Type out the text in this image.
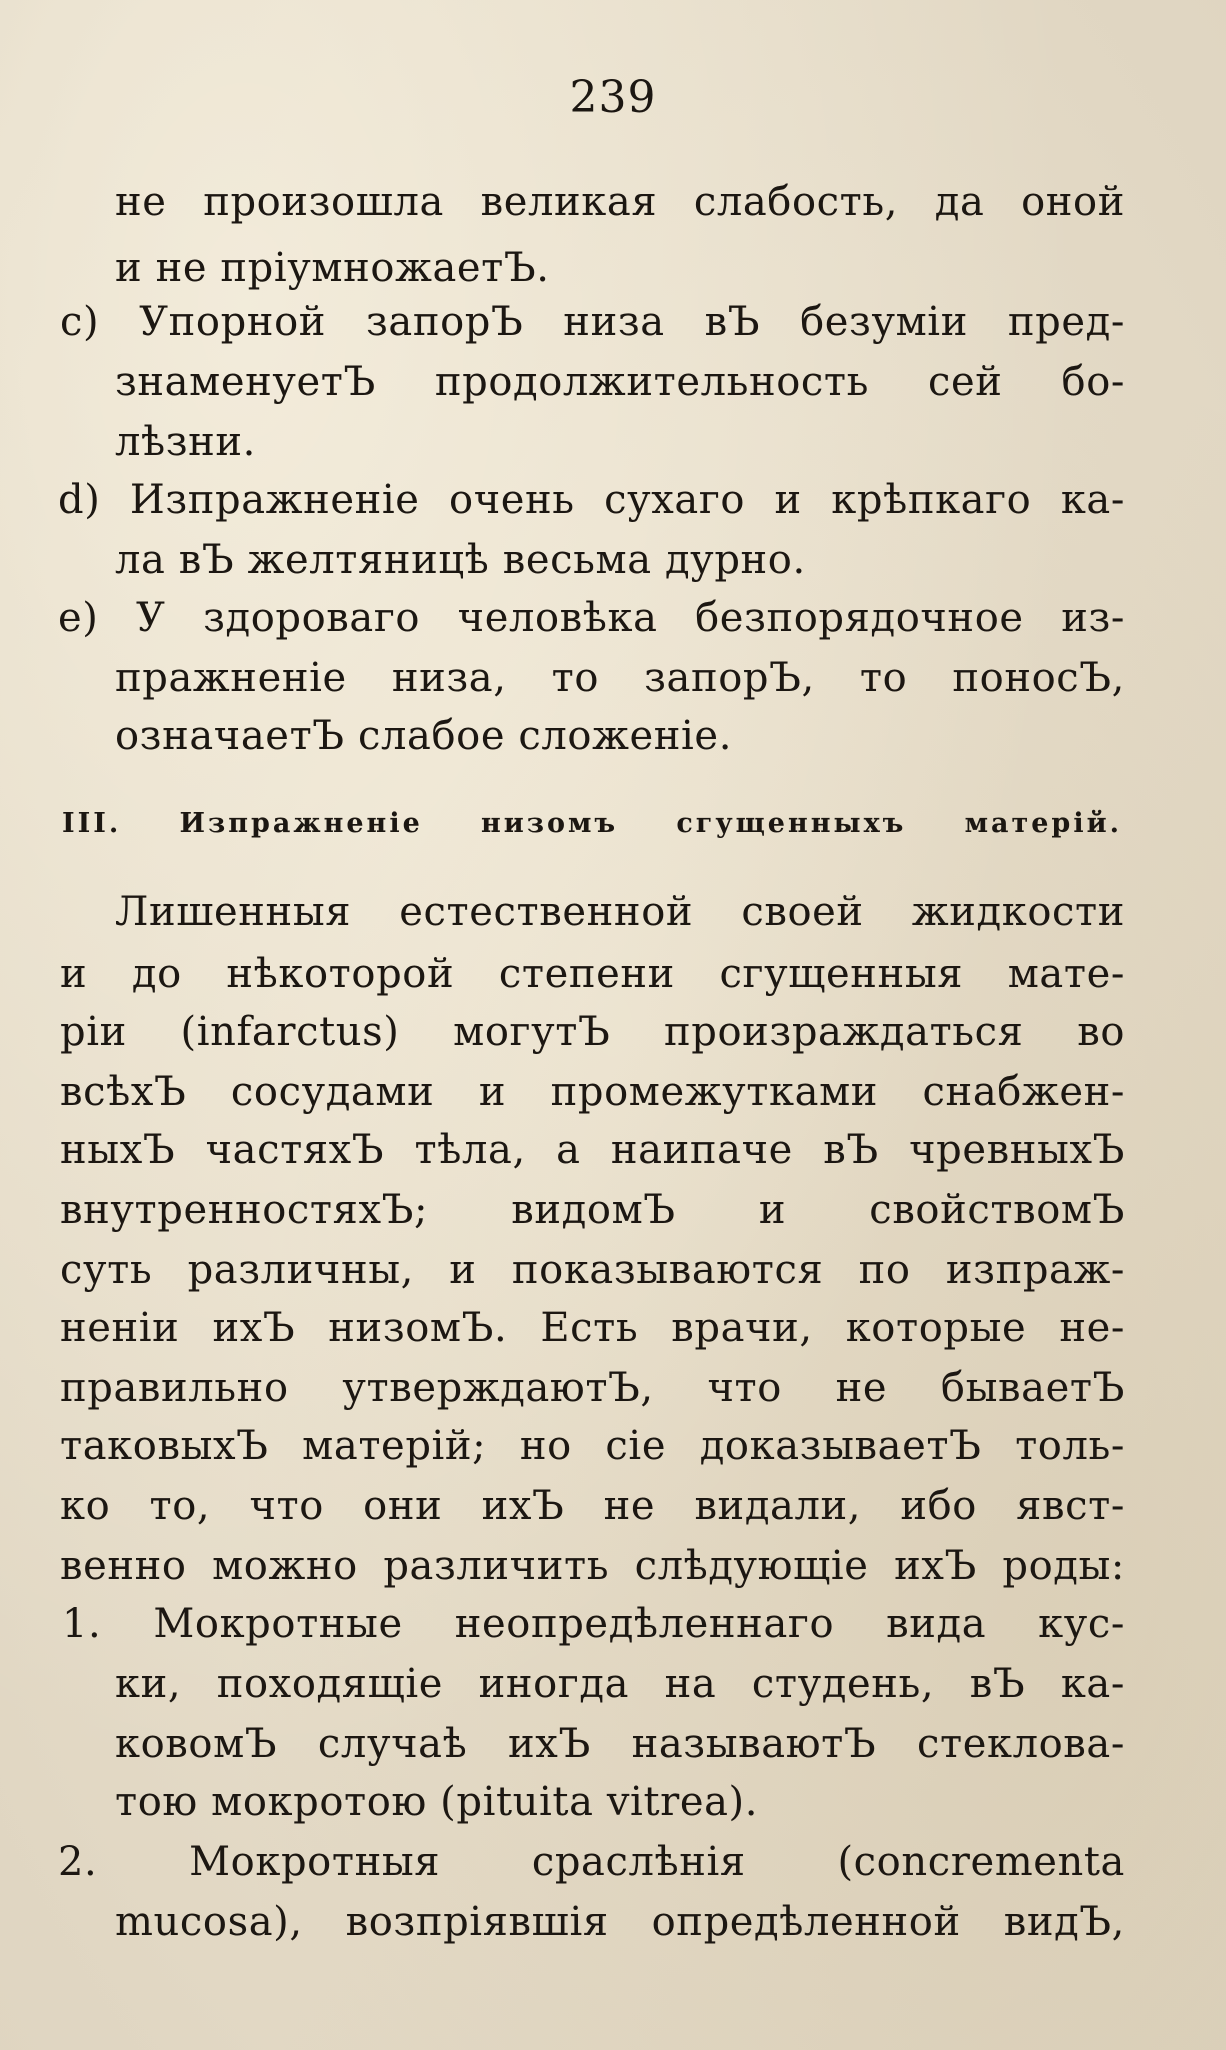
239
не произошла великая слабость, да оной
и не пріумножаетЪ.
c) Упорной запорЪ низа вЪ безуміи пред-
знаменуетЪ продолжительность сей бо-
лѣзни.
d) Изпражненіе очень сухаго и крѣпкаго ка-
ла вЪ желтяницѣ весьма дурно.
e) У здороваго человѣка безпорядочное из-
пражненіе низа, то запорЪ, то поносЪ,
означаетЪ слабое сложеніе.
III. Изпражненіе низомъ сгущенныхъ матерій.
Лишенныя естественной своей жидкости
и до нѣкоторой степени сгущенныя мате-
ріи (infarctus) могутЪ произраждаться во
всѣхЪ сосудами и промежутками снабжен-
ныхЪ частяхЪ тѣла, а наипаче вЪ чревныхЪ
внутренностяхЪ; видомЪ и свойствомЪ
суть различны, и показываются по изпраж-
неніи ихЪ низомЪ. Есть врачи, которые не-
правильно утверждаютЪ, что не бываетЪ
таковыхЪ матерій; но сіе доказываетЪ толь-
ко то, что они ихЪ не видали, ибо явст-
венно можно различить слѣдующіе ихЪ роды:
1. Мокротные неопредѣленнаго вида кус-
ки, походящіе иногда на студень, вЪ ка-
ковомЪ случаѣ ихЪ называютЪ стеклова-
тою мокротою (pituita vitrea).
2. Мокротныя сраслѣнія (concrementa
mucosa), возпріявшія опредѣленной видЪ,
